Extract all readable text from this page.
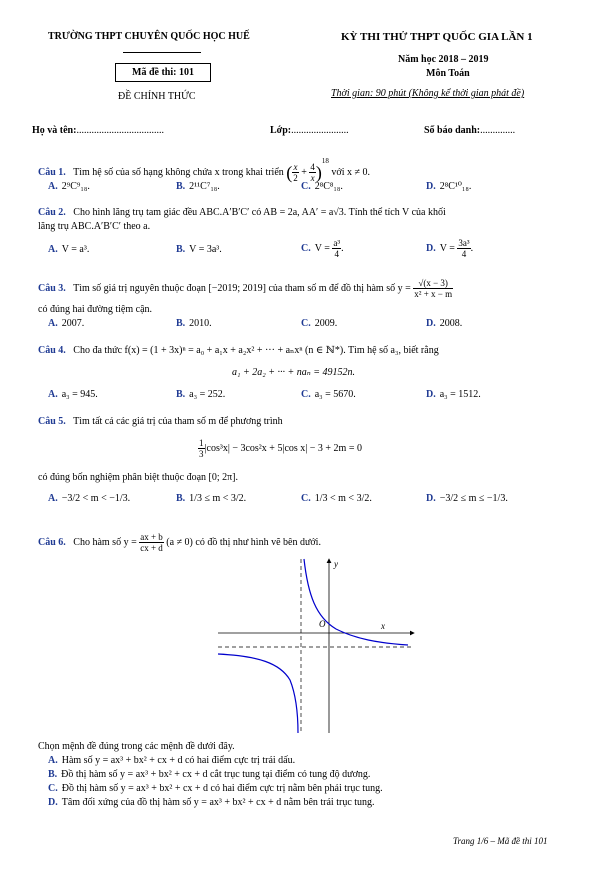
TRƯỜNG THPT CHUYÊN QUỐC HỌC HUẾ
Mã đề thi: 101
ĐỀ CHÍNH THỨC
KỲ THI THỬ THPT QUỐC GIA LẦN 1
Năm học 2018 – 2019
Môn Toán
Thời gian: 90 phút (Không kể thời gian phát đề)
Họ và tên:...................................	Lớp:.......................	Số báo danh:..............
Câu 1. Tìm hệ số của số hạng không chứa x trong khai triển ( $\frac{x}{2} + \frac{4}{x} )^{18}$ với x ≠ 0.
A. 2⁹C⁹₁₈.	B. 2¹¹C⁷₁₈.	C. 2⁸C⁸₁₈.	D. 2⁸C¹⁰₁₈.
Câu 2. Cho hình lăng trụ tam giác đều ABC.A′B′C′ có AB = 2a, AA′ = a√3. Tính thể tích V của khối
lăng trụ ABC.A′B′C′ theo a.
A. V = a³.	B. V = 3a³.	C. $V = \frac{\text{a³}}{4}$ .	D. $V = \frac{\text{3a³}}{4}$ .
Câu 3. Tìm số giá trị nguyên thuộc đoạn [−2019; 2019] của tham số m để đồ thị hàm số $y = \frac{√(x - 3)}{\text{x² + x − m}}$
có đúng hai đường tiệm cận.
A. 2007.	B. 2010.	C. 2009.	D. 2008.
Câu 4. Cho đa thức f(x) = (1 + 3x)ⁿ = a₀ + a₁x + a₂x² + ··· + aₙxⁿ (n ∈ ℕ*). Tìm hệ số a₃, biết rằng
a₁ + 2a₂ + ··· + naₙ = 49152n.
A. a₃ = 945.	B. a₃ = 252.	C. a₃ = 5670.	D. a₃ = 1512.
Câu 5. Tìm tất cả các giá trị của tham số m để phương trình
$\frac{1}{3} |\cos^3x| - 3\cos^2x + 5|\cos$ x| − 3 + 2m = 0
có đúng bốn nghiệm phân biệt thuộc đoạn [0; 2π].
A. −3/2 < m < −1/3.	B. 1/3 ≤ m < 3/2.	C. 1/3 < m < 3/2.	D. −3/2 ≤ m ≤ −1/3.
Câu 6. Cho hàm số $y = \frac{ax + b}{cx + d} (a \ne 0)$ có đồ thị như hình vẽ bên dưới.
y
x
O
Chọn mệnh đề đúng trong các mệnh đề dưới đây.
A. Hàm số y = ax³ + bx² + cx + d có hai điểm cực trị trái dấu.
B. Đồ thị hàm số y = ax³ + bx² + cx + d cắt trục tung tại điểm có tung độ dương.
C. Đồ thị hàm số y = ax³ + bx² + cx + d có hai điểm cực trị nằm bên phải trục tung.
D. Tâm đối xứng của đồ thị hàm số y = ax³ + bx² + cx + d nằm bên trái trục tung.
Trang 1/6 – Mã đề thi 101
